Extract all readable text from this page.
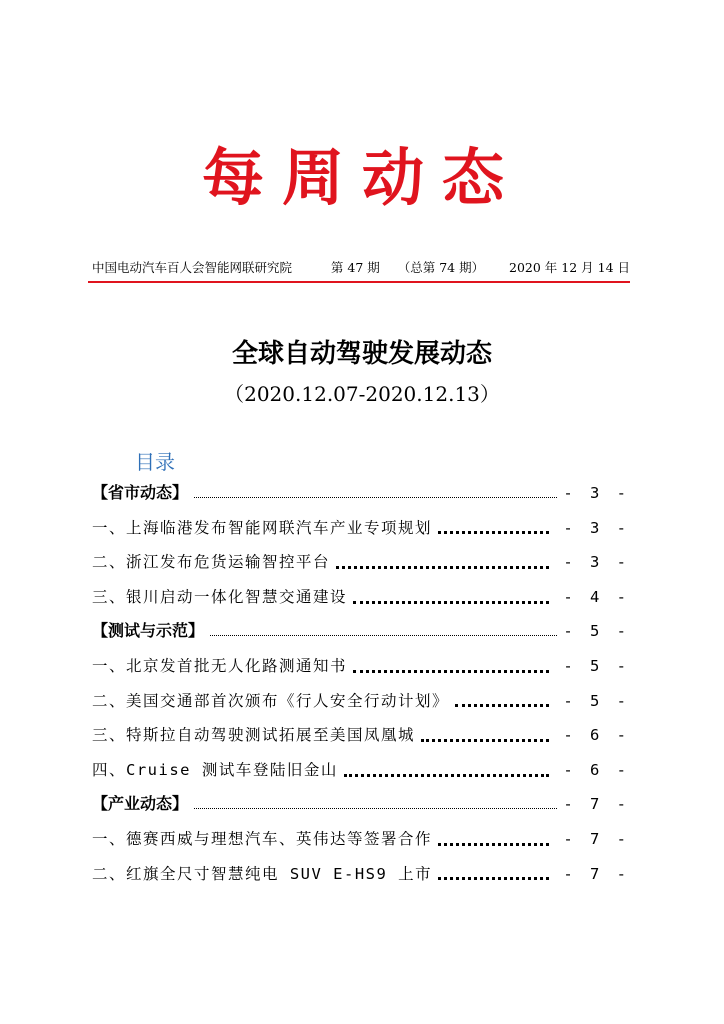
每周动态
中国电动汽车百人会智能网联研究院	第 47 期 （总第 74 期） 2020 年 12 月 14 日
全球自动驾驶发展动态
（2020.12.07-2020.12.13）
目录
【省市动态】	- 3 -
一、上海临港发布智能网联汽车产业专项规划	- 3 -
二、浙江发布危货运输智控平台	- 3 -
三、银川启动一体化智慧交通建设	- 4 -
【测试与示范】	- 5 -
一、北京发首批无人化路测通知书	- 5 -
二、美国交通部首次颁布《行人安全行动计划》	- 5 -
三、特斯拉自动驾驶测试拓展至美国凤凰城	- 6 -
四、Cruise 测试车登陆旧金山	- 6 -
【产业动态】	- 7 -
一、德赛西威与理想汽车、英伟达等签署合作	- 7 -
二、红旗全尺寸智慧纯电 SUV E-HS9 上市	- 7 -
